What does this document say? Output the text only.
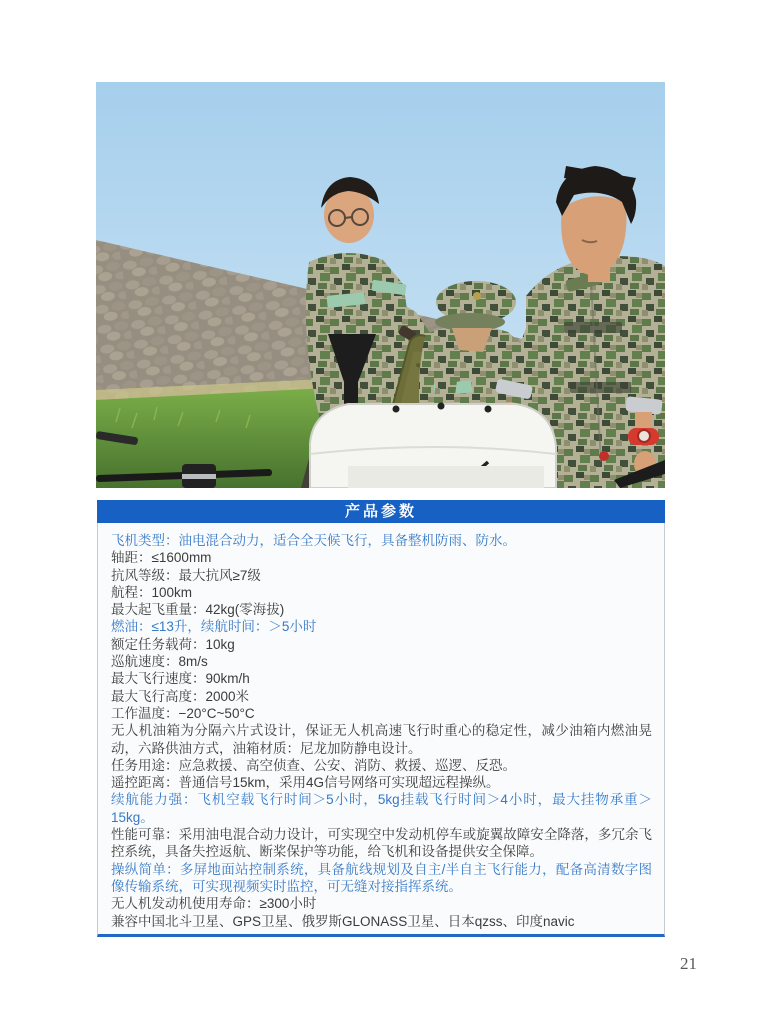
产品参数

飞机类型：油电混合动力，适合全天候飞行，具备整机防雨、防水。

轴距：≤1600mm

抗风等级：最大抗风≥7级

航程：100km

最大起飞重量：42kg(零海拔)

燃油：≤13升，续航时间：＞5小时

额定任务载荷：10kg

巡航速度：8m/s

最大飞行速度：90km/h

最大飞行高度：2000米

工作温度：−20°C~50°C

无人机油箱为分隔六片式设计，保证无人机高速飞行时重心的稳定性，减少油箱内燃油晃动，六路供油方式，油箱材质：尼龙加防静电设计。

任务用途：应急救援、高空侦查、公安、消防、救援、巡逻、反恐。

遥控距离：普通信号15km，采用4G信号网络可实现超远程操纵。

续航能力强：飞机空载飞行时间＞5小时，5kg挂载飞行时间＞4小时，最大挂物承重＞15kg。

性能可靠：采用油电混合动力设计，可实现空中发动机停车或旋翼故障安全降落，多冗余飞控系统，具备失控返航、断桨保护等功能，给飞机和设备提供安全保障。

操纵简单：多屏地面站控制系统，具备航线规划及自主/半自主飞行能力，配备高清数字图像传输系统，可实现视频实时监控，可无缝对接指挥系统。

无人机发动机使用寿命：≥300小时

兼容中国北斗卫星、GPS卫星、俄罗斯GLONASS卫星、日本qzss、印度navic

21
